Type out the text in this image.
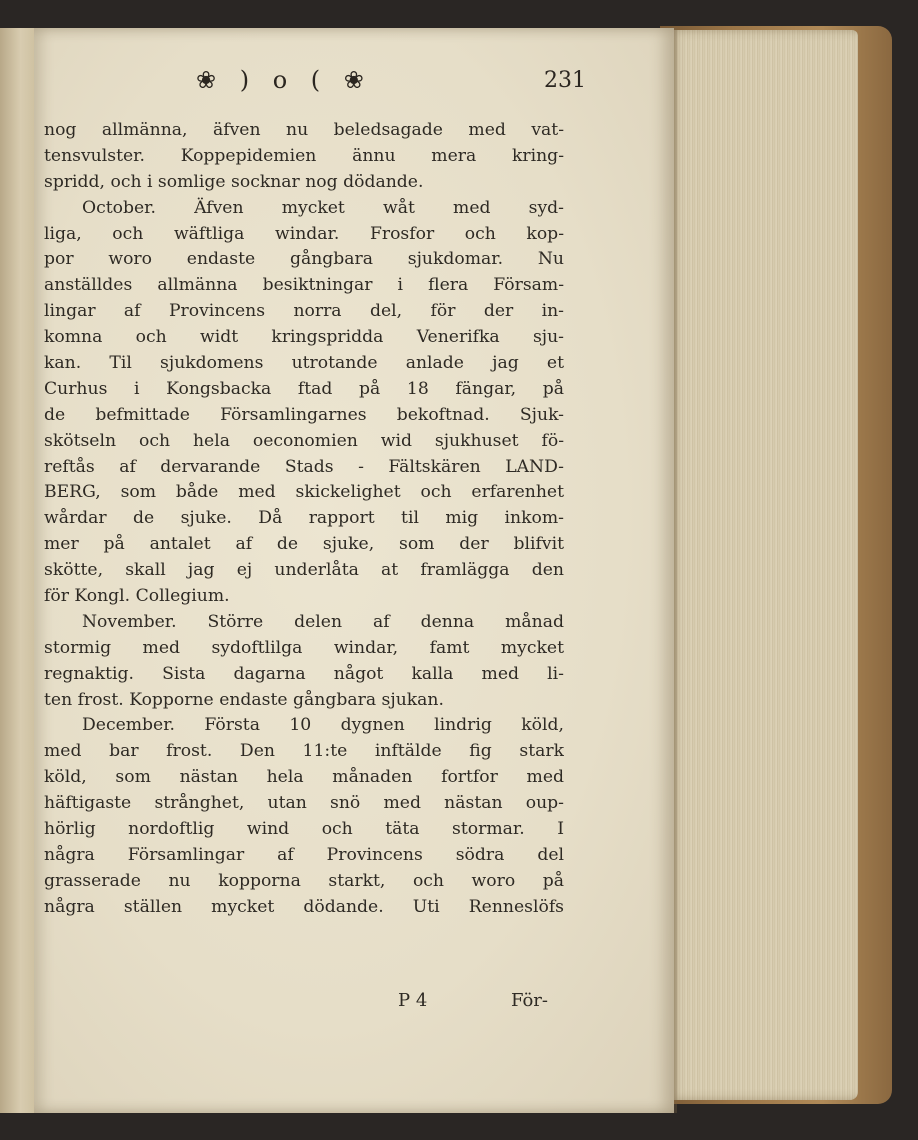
❀ ) o ( ❀	231
nog allmänna, äfven nu beledsagade med vat-
tensvulster. Koppepidemien ännu mera kring-
spridd, och i somlige socknar nog dödande.
October. Äfven mycket wåt med syd-
liga, och wäftliga windar. Frosfor och kop-
por woro endaste gångbara sjukdomar. Nu
anställdes allmänna besiktningar i flera Försam-
lingar af Provincens norra del, för der in-
komna och widt kringspridda Venerifka sju-
kan. Til sjukdomens utrotande anlade jag et
Curhus i Kongsbacka ftad på 18 fängar, på
de befmittade Församlingarnes bekoftnad. Sjuk-
skötseln och hela oeconomien wid sjukhuset fö-
reftås af dervarande Stads - Fältskären LAND-
BERG, som både med skickelighet och erfarenhet
wårdar de sjuke. Då rapport til mig inkom-
mer på antalet af de sjuke, som der blifvit
skötte, skall jag ej underlåta at framlägga den
för Kongl. Collegium.
November. Större delen af denna månad
stormig med sydoftlilga windar, famt mycket
regnaktig. Sista dagarna något kalla med li-
ten frost. Kopporne endaste gångbara sjukan.
December. Första 10 dygnen lindrig köld,
med bar frost. Den 11:te inftälde fig stark
köld, som nästan hela månaden fortfor med
häftigaste strånghet, utan snö med nästan oup-
hörlig nordoftlig wind och täta stormar. I
några Församlingar af Provincens södra del
grasserade nu kopporna starkt, och woro på
några ställen mycket dödande. Uti Renneslöfs
P 4	För-
